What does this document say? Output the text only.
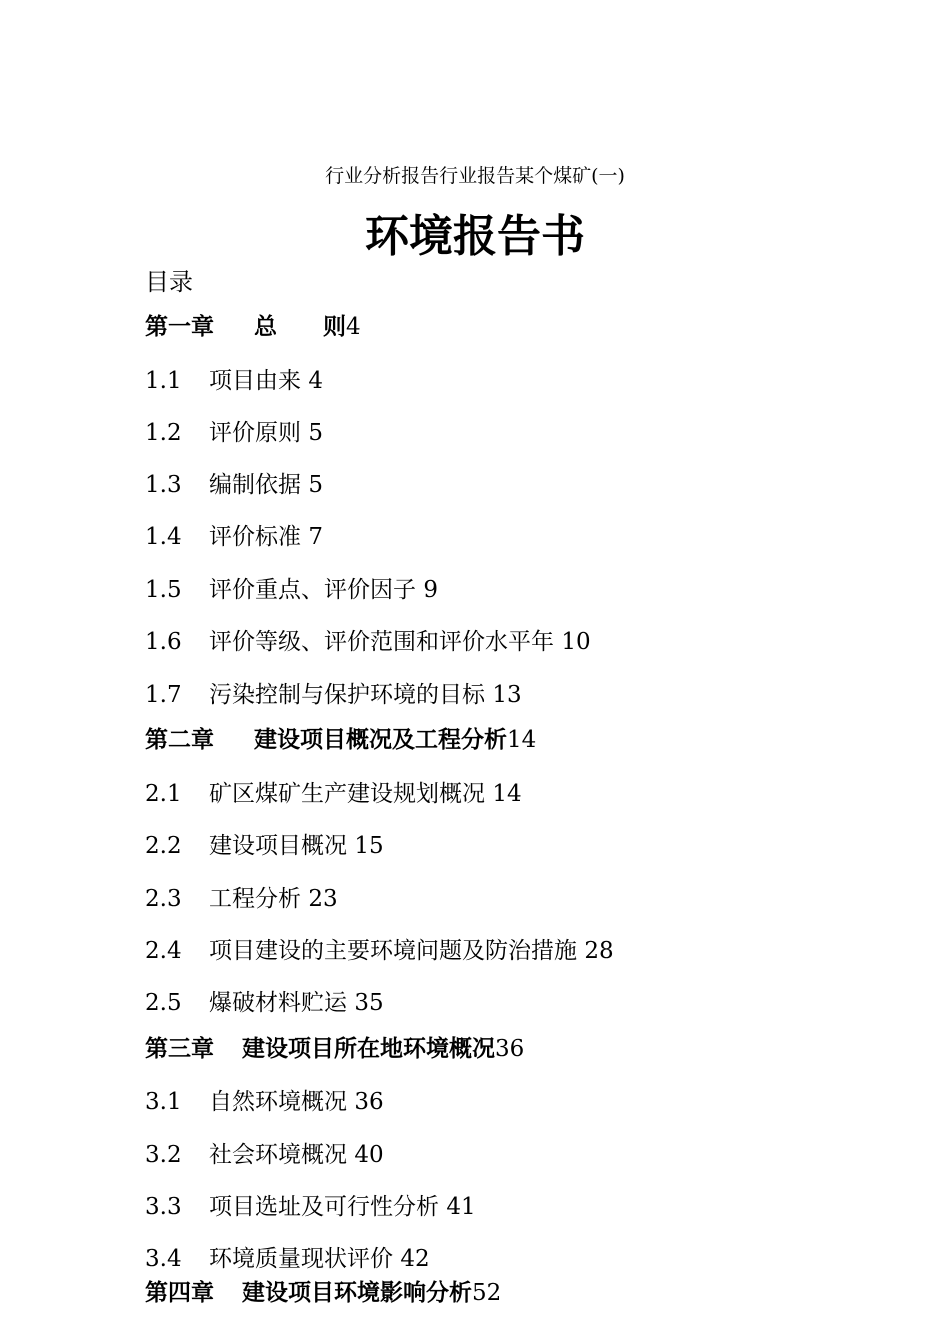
行业分析报告行业报告某个煤矿(一)
环境报告书
目录
第一章 总　　则4
1.1 项目由来 4
1.2 评价原则 5
1.3 编制依据 5
1.4 评价标准 7
1.5 评价重点、评价因子 9
1.6 评价等级、评价范围和评价水平年 10
1.7 污染控制与保护环境的目标 13
第二章 建设项目概况及工程分析14
2.1 矿区煤矿生产建设规划概况 14
2.2 建设项目概况 15
2.3 工程分析 23
2.4 项目建设的主要环境问题及防治措施 28
2.5 爆破材料贮运 35
第三章 建设项目所在地环境概况36
3.1 自然环境概况 36
3.2 社会环境概况 40
3.3 项目选址及可行性分析 41
3.4 环境质量现状评价 42
第四章 建设项目环境影响分析52
